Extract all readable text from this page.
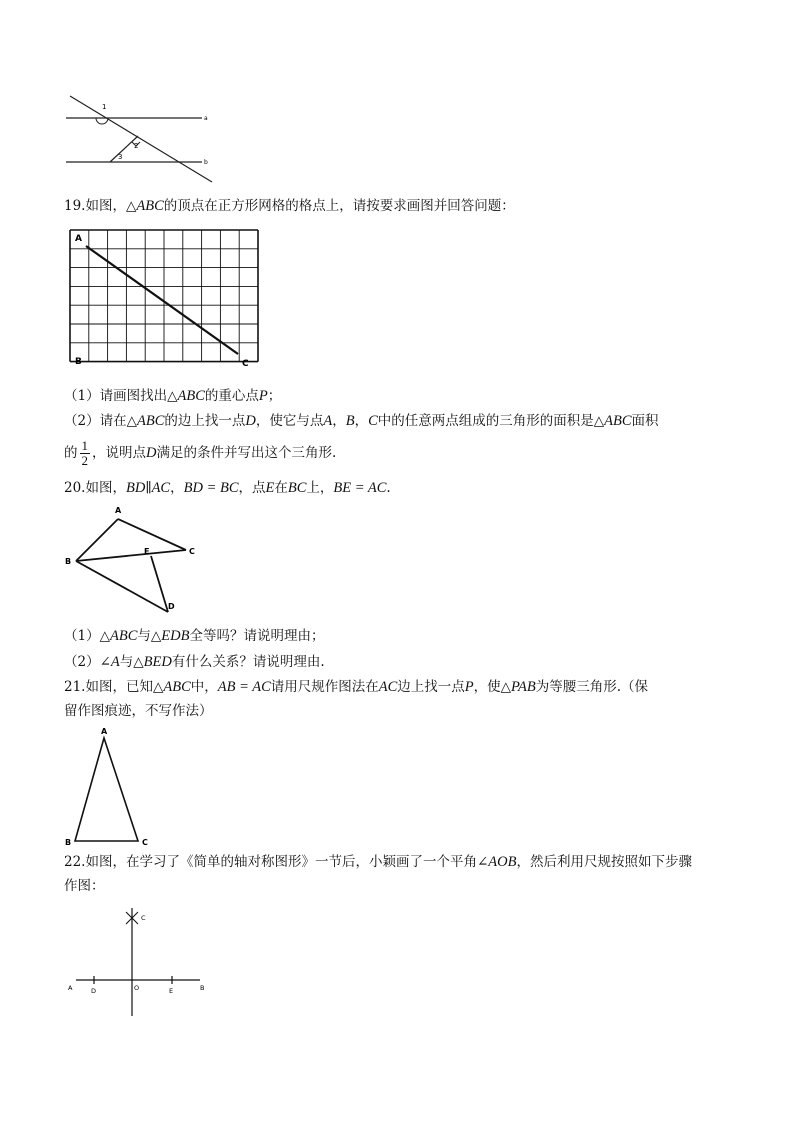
1
2
3
a
b
19.如图，△ABC的顶点在正方形网格的格点上，请按要求画图并回答问题：
A
B	C
（1）请画图找出△ABC的重心点P；
（2）请在△ABC的边上找一点D，使它与点A，B，C中的任意两点组成的三角形的面积是△ABC面积
的 $\frac{1}{2}$ ，说明点D满足的条件并写出这个三角形.
20.如图，BD∥AC，BD = BC，点E在BC上，BE = AC.
A
B
C
D
E
（1）△ABC与△EDB全等吗？请说明理由；
（2）∠A与△BED有什么关系？请说明理由.
21.如图，已知△ABC中，AB = AC请用尺规作图法在AC边上找一点P，使△PAB为等腰三角形.（保
留作图痕迹，不写作法）
A
B	C
22.如图，在学习了《简单的轴对称图形》一节后，小颖画了一个平角∠AOB，然后利用尺规按照如下步骤
作图：
A	D	O	E	B
C
